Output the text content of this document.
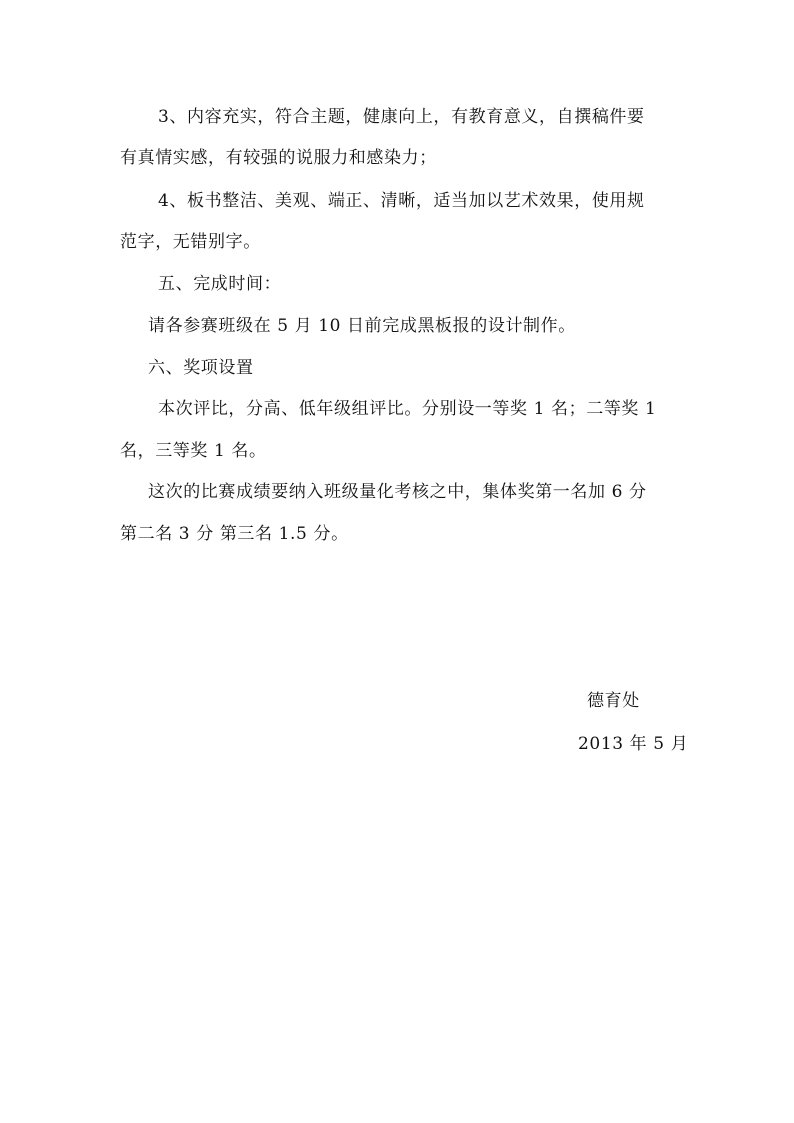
3、内容充实，符合主题，健康向上，有教育意义，自撰稿件要
有真情实感，有较强的说服力和感染力；
4、板书整洁、美观、端正、清晰，适当加以艺术效果，使用规
范字，无错别字。
五、完成时间：
请各参赛班级在 5 月 10 日前完成黑板报的设计制作。
六、奖项设置
本次评比，分高、低年级组评比。分别设一等奖 1 名；二等奖 1
名，三等奖 1 名。
这次的比赛成绩要纳入班级量化考核之中，集体奖第一名加 6 分
第二名 3 分 第三名 1.5 分。
德育处
2013 年 5 月
